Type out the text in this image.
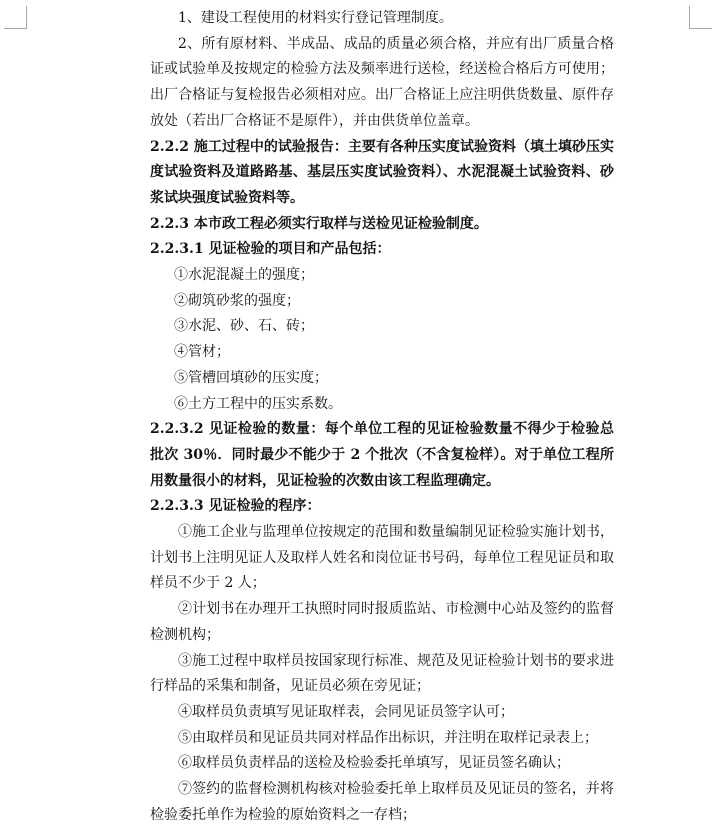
1、建设工程使用的材料实行登记管理制度。

2、所有原材料、半成品、成品的质量必须合格，并应有出厂质量合格证或试验单及按规定的检验方法及频率进行送检，经送检合格后方可使用；出厂合格证与复检报告必须相对应。出厂合格证上应注明供货数量、原件存放处（若出厂合格证不是原件），并由供货单位盖章。

2.2.2 施工过程中的试验报告：主要有各种压实度试验资料（填土填砂压实度试验资料及道路路基、基层压实度试验资料）、水泥混凝土试验资料、砂浆试块强度试验资料等。

2.2.3 本市政工程必须实行取样与送检见证检验制度。

2.2.3.1 见证检验的项目和产品包括：

①水泥混凝土的强度；

②砌筑砂浆的强度；

③水泥、砂、石、砖；

④管材；

⑤管槽回填砂的压实度；

⑥土方工程中的压实系数。

2.2.3.2 见证检验的数量：每个单位工程的见证检验数量不得少于检验总批次 30％．同时最少不能少于 2 个批次（不含复检样）。对于单位工程所用数量很小的材料，见证检验的次数由该工程监理确定。

2.2.3.3 见证检验的程序：

①施工企业与监理单位按规定的范围和数量编制见证检验实施计划书，计划书上注明见证人及取样人姓名和岗位证书号码，每单位工程见证员和取样员不少于 2 人；

②计划书在办理开工执照时同时报质监站、市检测中心站及签约的监督检测机构；

③施工过程中取样员按国家现行标准、规范及见证检验计划书的要求进行样品的采集和制备，见证员必须在旁见证；

④取样员负责填写见证取样表，会同见证员签字认可；

⑤由取样员和见证员共同对样品作出标识，并注明在取样记录表上；

⑥取样员负责样品的送检及检验委托单填写，见证员签名确认；

⑦签约的监督检测机构核对检验委托单上取样员及见证员的签名，并将检验委托单作为检验的原始资料之一存档；
